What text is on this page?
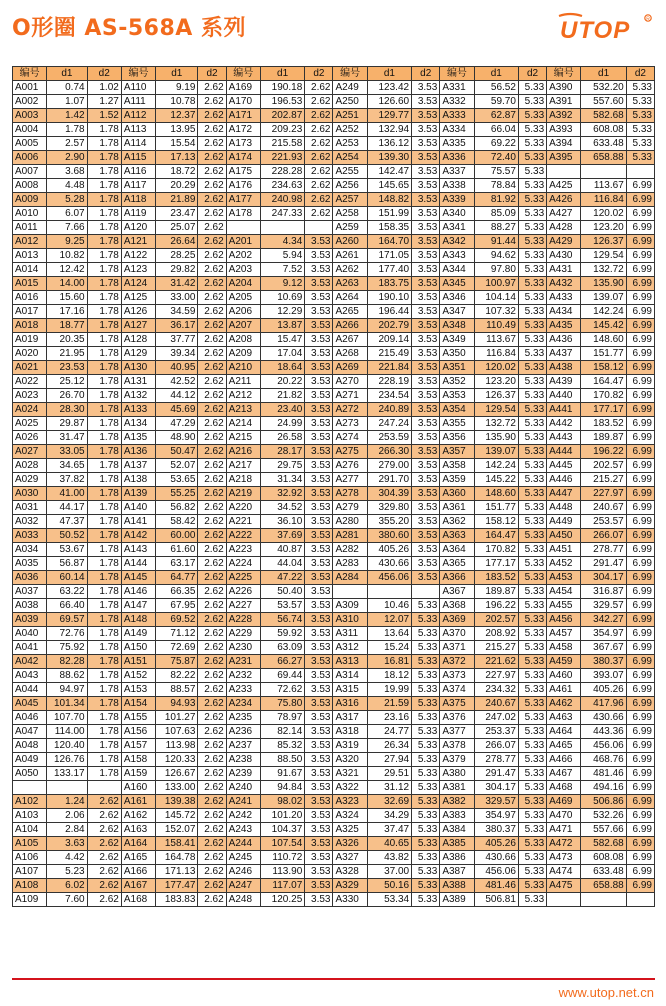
O形圈 AS-568A 系列	UTOP	R
编号	d1	d2	编号	d1	d2	编号	d1	d2	编号	d1	d2	编号	d1	d2	编号	d1	d2
A001	0.74	1.02	A110	9.19	2.62	A169	190.18	2.62	A249	123.42	3.53	A331	56.52	5.33	A390	532.20	5.33
A002	1.07	1.27	A111	10.78	2.62	A170	196.53	2.62	A250	126.60	3.53	A332	59.70	5.33	A391	557.60	5.33
A003	1.42	1.52	A112	12.37	2.62	A171	202.87	2.62	A251	129.77	3.53	A333	62.87	5.33	A392	582.68	5.33
A004	1.78	1.78	A113	13.95	2.62	A172	209.23	2.62	A252	132.94	3.53	A334	66.04	5.33	A393	608.08	5.33
A005	2.57	1.78	A114	15.54	2.62	A173	215.58	2.62	A253	136.12	3.53	A335	69.22	5.33	A394	633.48	5.33
A006	2.90	1.78	A115	17.13	2.62	A174	221.93	2.62	A254	139.30	3.53	A336	72.40	5.33	A395	658.88	5.33
A007	3.68	1.78	A116	18.72	2.62	A175	228.28	2.62	A255	142.47	3.53	A337	75.57	5.33			
A008	4.48	1.78	A117	20.29	2.62	A176	234.63	2.62	A256	145.65	3.53	A338	78.84	5.33	A425	113.67	6.99
A009	5.28	1.78	A118	21.89	2.62	A177	240.98	2.62	A257	148.82	3.53	A339	81.92	5.33	A426	116.84	6.99
A010	6.07	1.78	A119	23.47	2.62	A178	247.33	2.62	A258	151.99	3.53	A340	85.09	5.33	A427	120.02	6.99
A011	7.66	1.78	A120	25.07	2.62				A259	158.35	3.53	A341	88.27	5.33	A428	123.20	6.99
A012	9.25	1.78	A121	26.64	2.62	A201	4.34	3.53	A260	164.70	3.53	A342	91.44	5.33	A429	126.37	6.99
A013	10.82	1.78	A122	28.25	2.62	A202	5.94	3.53	A261	171.05	3.53	A343	94.62	5.33	A430	129.54	6.99
A014	12.42	1.78	A123	29.82	2.62	A203	7.52	3.53	A262	177.40	3.53	A344	97.80	5.33	A431	132.72	6.99
A015	14.00	1.78	A124	31.42	2.62	A204	9.12	3.53	A263	183.75	3.53	A345	100.97	5.33	A432	135.90	6.99
A016	15.60	1.78	A125	33.00	2.62	A205	10.69	3.53	A264	190.10	3.53	A346	104.14	5.33	A433	139.07	6.99
A017	17.16	1.78	A126	34.59	2.62	A206	12.29	3.53	A265	196.44	3.53	A347	107.32	5.33	A434	142.24	6.99
A018	18.77	1.78	A127	36.17	2.62	A207	13.87	3.53	A266	202.79	3.53	A348	110.49	5.33	A435	145.42	6.99
A019	20.35	1.78	A128	37.77	2.62	A208	15.47	3.53	A267	209.14	3.53	A349	113.67	5.33	A436	148.60	6.99
A020	21.95	1.78	A129	39.34	2.62	A209	17.04	3.53	A268	215.49	3.53	A350	116.84	5.33	A437	151.77	6.99
A021	23.53	1.78	A130	40.95	2.62	A210	18.64	3.53	A269	221.84	3.53	A351	120.02	5.33	A438	158.12	6.99
A022	25.12	1.78	A131	42.52	2.62	A211	20.22	3.53	A270	228.19	3.53	A352	123.20	5.33	A439	164.47	6.99
A023	26.70	1.78	A132	44.12	2.62	A212	21.82	3.53	A271	234.54	3.53	A353	126.37	5.33	A440	170.82	6.99
A024	28.30	1.78	A133	45.69	2.62	A213	23.40	3.53	A272	240.89	3.53	A354	129.54	5.33	A441	177.17	6.99
A025	29.87	1.78	A134	47.29	2.62	A214	24.99	3.53	A273	247.24	3.53	A355	132.72	5.33	A442	183.52	6.99
A026	31.47	1.78	A135	48.90	2.62	A215	26.58	3.53	A274	253.59	3.53	A356	135.90	5.33	A443	189.87	6.99
A027	33.05	1.78	A136	50.47	2.62	A216	28.17	3.53	A275	266.30	3.53	A357	139.07	5.33	A444	196.22	6.99
A028	34.65	1.78	A137	52.07	2.62	A217	29.75	3.53	A276	279.00	3.53	A358	142.24	5.33	A445	202.57	6.99
A029	37.82	1.78	A138	53.65	2.62	A218	31.34	3.53	A277	291.70	3.53	A359	145.22	5.33	A446	215.27	6.99
A030	41.00	1.78	A139	55.25	2.62	A219	32.92	3.53	A278	304.39	3.53	A360	148.60	5.33	A447	227.97	6.99
A031	44.17	1.78	A140	56.82	2.62	A220	34.52	3.53	A279	329.80	3.53	A361	151.77	5.33	A448	240.67	6.99
A032	47.37	1.78	A141	58.42	2.62	A221	36.10	3.53	A280	355.20	3.53	A362	158.12	5.33	A449	253.57	6.99
A033	50.52	1.78	A142	60.00	2.62	A222	37.69	3.53	A281	380.60	3.53	A363	164.47	5.33	A450	266.07	6.99
A034	53.67	1.78	A143	61.60	2.62	A223	40.87	3.53	A282	405.26	3.53	A364	170.82	5.33	A451	278.77	6.99
A035	56.87	1.78	A144	63.17	2.62	A224	44.04	3.53	A283	430.66	3.53	A365	177.17	5.33	A452	291.47	6.99
A036	60.14	1.78	A145	64.77	2.62	A225	47.22	3.53	A284	456.06	3.53	A366	183.52	5.33	A453	304.17	6.99
A037	63.22	1.78	A146	66.35	2.62	A226	50.40	3.53				A367	189.87	5.33	A454	316.87	6.99
A038	66.40	1.78	A147	67.95	2.62	A227	53.57	3.53	A309	10.46	5.33	A368	196.22	5.33	A455	329.57	6.99
A039	69.57	1.78	A148	69.52	2.62	A228	56.74	3.53	A310	12.07	5.33	A369	202.57	5.33	A456	342.27	6.99
A040	72.76	1.78	A149	71.12	2.62	A229	59.92	3.53	A311	13.64	5.33	A370	208.92	5.33	A457	354.97	6.99
A041	75.92	1.78	A150	72.69	2.62	A230	63.09	3.53	A312	15.24	5.33	A371	215.27	5.33	A458	367.67	6.99
A042	82.28	1.78	A151	75.87	2.62	A231	66.27	3.53	A313	16.81	5.33	A372	221.62	5.33	A459	380.37	6.99
A043	88.62	1.78	A152	82.22	2.62	A232	69.44	3.53	A314	18.12	5.33	A373	227.97	5.33	A460	393.07	6.99
A044	94.97	1.78	A153	88.57	2.62	A233	72.62	3.53	A315	19.99	5.33	A374	234.32	5.33	A461	405.26	6.99
A045	101.34	1.78	A154	94.93	2.62	A234	75.80	3.53	A316	21.59	5.33	A375	240.67	5.33	A462	417.96	6.99
A046	107.70	1.78	A155	101.27	2.62	A235	78.97	3.53	A317	23.16	5.33	A376	247.02	5.33	A463	430.66	6.99
A047	114.00	1.78	A156	107.63	2.62	A236	82.14	3.53	A318	24.77	5.33	A377	253.37	5.33	A464	443.36	6.99
A048	120.40	1.78	A157	113.98	2.62	A237	85.32	3.53	A319	26.34	5.33	A378	266.07	5.33	A465	456.06	6.99
A049	126.76	1.78	A158	120.33	2.62	A238	88.50	3.53	A320	27.94	5.33	A379	278.77	5.33	A466	468.76	6.99
A050	133.17	1.78	A159	126.67	2.62	A239	91.67	3.53	A321	29.51	5.33	A380	291.47	5.33	A467	481.46	6.99
			A160	133.00	2.62	A240	94.84	3.53	A322	31.12	5.33	A381	304.17	5.33	A468	494.16	6.99
A102	1.24	2.62	A161	139.38	2.62	A241	98.02	3.53	A323	32.69	5.33	A382	329.57	5.33	A469	506.86	6.99
A103	2.06	2.62	A162	145.72	2.62	A242	101.20	3.53	A324	34.29	5.33	A383	354.97	5.33	A470	532.26	6.99
A104	2.84	2.62	A163	152.07	2.62	A243	104.37	3.53	A325	37.47	5.33	A384	380.37	5.33	A471	557.66	6.99
A105	3.63	2.62	A164	158.41	2.62	A244	107.54	3.53	A326	40.65	5.33	A385	405.26	5.33	A472	582.68	6.99
A106	4.42	2.62	A165	164.78	2.62	A245	110.72	3.53	A327	43.82	5.33	A386	430.66	5.33	A473	608.08	6.99
A107	5.23	2.62	A166	171.13	2.62	A246	113.90	3.53	A328	37.00	5.33	A387	456.06	5.33	A474	633.48	6.99
A108	6.02	2.62	A167	177.47	2.62	A247	117.07	3.53	A329	50.16	5.33	A388	481.46	5.33	A475	658.88	6.99
A109	7.60	2.62	A168	183.83	2.62	A248	120.25	3.53	A330	53.34	5.33	A389	506.81	5.33			
www.utop.net.cn
